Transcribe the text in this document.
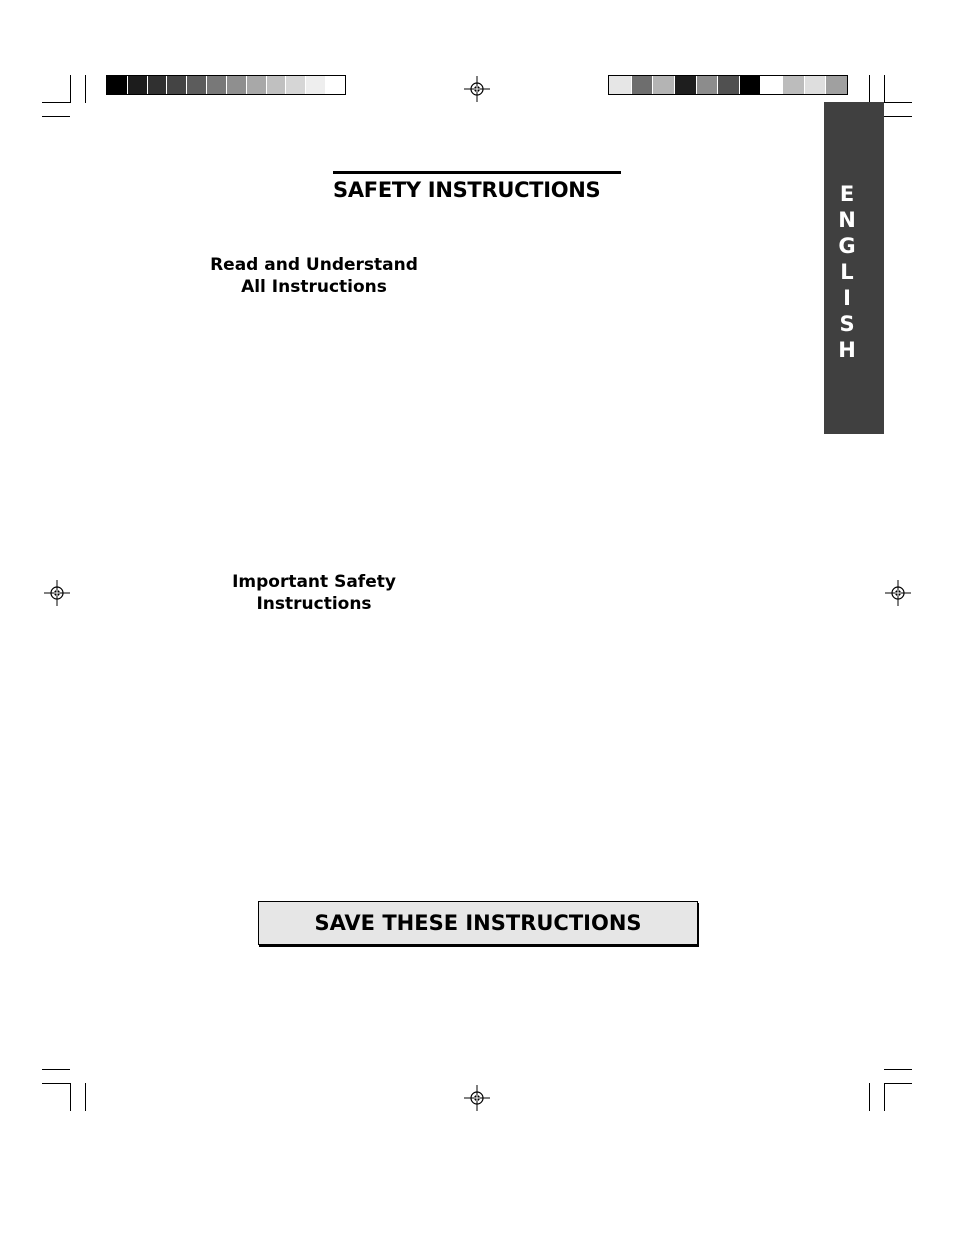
E
N
G
L
I
S
H
SAFETY INSTRUCTIONS
Read and Understand
All Instructions
Important Safety
Instructions
SAVE THESE INSTRUCTIONS
